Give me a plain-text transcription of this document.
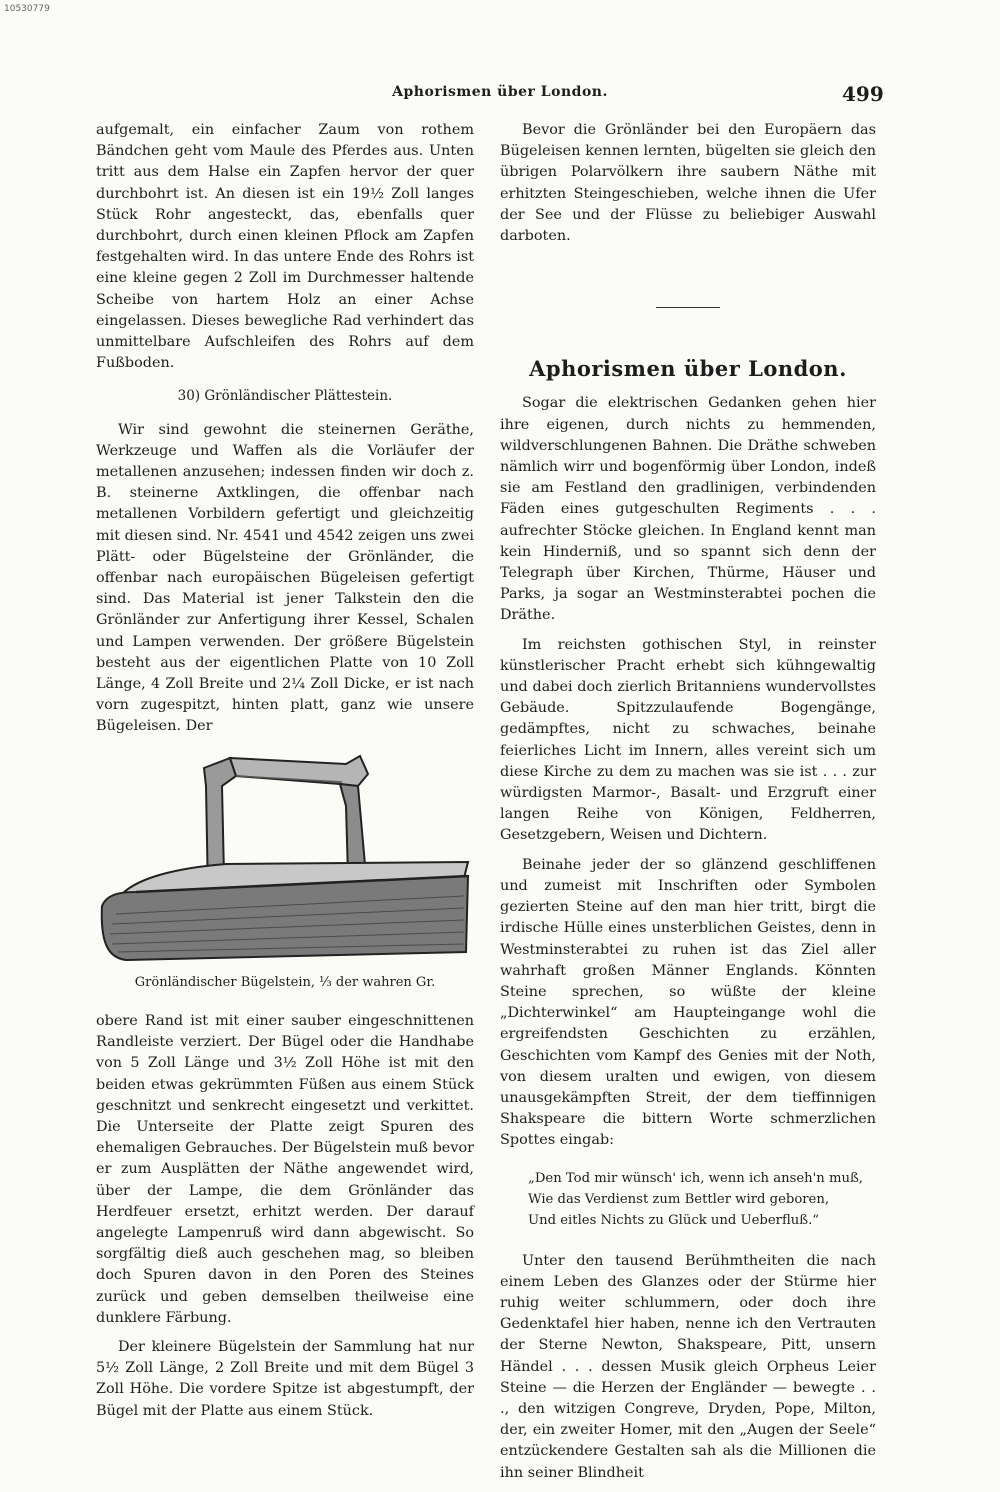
10530779
Aphorismen über London.	499

aufgemalt, ein einfacher Zaum von rothem Bändchen geht vom Maule des Pferdes aus. Unten tritt aus dem Halse ein Zapfen hervor der quer durchbohrt ist. An diesen ist ein 19½ Zoll langes Stück Rohr angesteckt, das, ebenfalls quer durchbohrt, durch einen kleinen Pflock am Zapfen festgehalten wird. In das untere Ende des Rohrs ist eine kleine gegen 2 Zoll im Durchmesser haltende Scheibe von hartem Holz an einer Achse eingelassen. Dieses bewegliche Rad verhindert das unmittelbare Aufschleifen des Rohrs auf dem Fußboden.

30) Grönländischer Plättestein.

Wir sind gewohnt die steinernen Geräthe, Werkzeuge und Waffen als die Vorläufer der metallenen anzusehen; indessen finden wir doch z. B. steinerne Axtklingen, die offenbar nach metallenen Vorbildern gefertigt und gleichzeitig mit diesen sind. Nr. 4541 und 4542 zeigen uns zwei Plätt- oder Bügelsteine der Grönländer, die offenbar nach europäischen Bügeleisen gefertigt sind. Das Material ist jener Talkstein den die Grönländer zur Anfertigung ihrer Kessel, Schalen und Lampen verwenden. Der größere Bügelstein besteht aus der eigentlichen Platte von 10 Zoll Länge, 4 Zoll Breite und 2¼ Zoll Dicke, er ist nach vorn zugespitzt, hinten platt, ganz wie unsere Bügeleisen. Der

Grönländischer Bügelstein, ⅓ der wahren Gr.

obere Rand ist mit einer sauber eingeschnittenen Randleiste verziert. Der Bügel oder die Handhabe von 5 Zoll Länge und 3½ Zoll Höhe ist mit den beiden etwas gekrümmten Füßen aus einem Stück geschnitzt und senkrecht eingesetzt und verkittet. Die Unterseite der Platte zeigt Spuren des ehemaligen Gebrauches. Der Bügelstein muß bevor er zum Ausplätten der Näthe angewendet wird, über der Lampe, die dem Grönländer das Herdfeuer ersetzt, erhitzt werden. Der darauf angelegte Lampenruß wird dann abgewischt. So sorgfältig dieß auch geschehen mag, so bleiben doch Spuren davon in den Poren des Steines zurück und geben demselben theilweise eine dunklere Färbung.

Der kleinere Bügelstein der Sammlung hat nur 5½ Zoll Länge, 2 Zoll Breite und mit dem Bügel 3 Zoll Höhe. Die vordere Spitze ist abgestumpft, der Bügel mit der Platte aus einem Stück.

Bevor die Grönländer bei den Europäern das Bügeleisen kennen lernten, bügelten sie gleich den übrigen Polarvölkern ihre saubern Näthe mit erhitzten Steingeschieben, welche ihnen die Ufer der See und der Flüsse zu beliebiger Auswahl darboten.

Aphorismen über London.

Sogar die elektrischen Gedanken gehen hier ihre eigenen, durch nichts zu hemmenden, wildverschlungenen Bahnen. Die Dräthe schweben nämlich wirr und bogenförmig über London, indeß sie am Festland den gradlinigen, verbindenden Fäden eines gutgeschulten Regiments . . . aufrechter Stöcke gleichen. In England kennt man kein Hinderniß, und so spannt sich denn der Telegraph über Kirchen, Thürme, Häuser und Parks, ja sogar an Westminsterabtei pochen die Dräthe.

Im reichsten gothischen Styl, in reinster künstlerischer Pracht erhebt sich kühngewaltig und dabei doch zierlich Britanniens wundervollstes Gebäude. Spitzzulaufende Bogengänge, gedämpftes, nicht zu schwaches, beinahe feierliches Licht im Innern, alles vereint sich um diese Kirche zu dem zu machen was sie ist . . . zur würdigsten Marmor-, Basalt- und Erzgruft einer langen Reihe von Königen, Feldherren, Gesetzgebern, Weisen und Dichtern.

Beinahe jeder der so glänzend geschliffenen und zumeist mit Inschriften oder Symbolen gezierten Steine auf den man hier tritt, birgt die irdische Hülle eines unsterblichen Geistes, denn in Westminsterabtei zu ruhen ist das Ziel aller wahrhaft großen Männer Englands. Könnten Steine sprechen, so wüßte der kleine „Dichterwinkel“ am Haupteingange wohl die ergreifendsten Geschichten zu erzählen, Geschichten vom Kampf des Genies mit der Noth, von diesem uralten und ewigen, von diesem unausgekämpften Streit, der dem tieffinnigen Shakspeare die bittern Worte schmerzlichen Spottes eingab:

„Den Tod mir wünsch' ich, wenn ich anseh'n muß,
Wie das Verdienst zum Bettler wird geboren,
Und eitles Nichts zu Glück und Ueberfluß.“

Unter den tausend Berühmtheiten die nach einem Leben des Glanzes oder der Stürme hier ruhig weiter schlummern, oder doch ihre Gedenktafel hier haben, nenne ich den Vertrauten der Sterne Newton, Shakspeare, Pitt, unsern Händel . . . dessen Musik gleich Orpheus Leier Steine — die Herzen der Engländer — bewegte . . ., den witzigen Congreve, Dryden, Pope, Milton, der, ein zweiter Homer, mit den „Augen der Seele“ entzückendere Gestalten sah als die Millionen die ihn seiner Blindheit
